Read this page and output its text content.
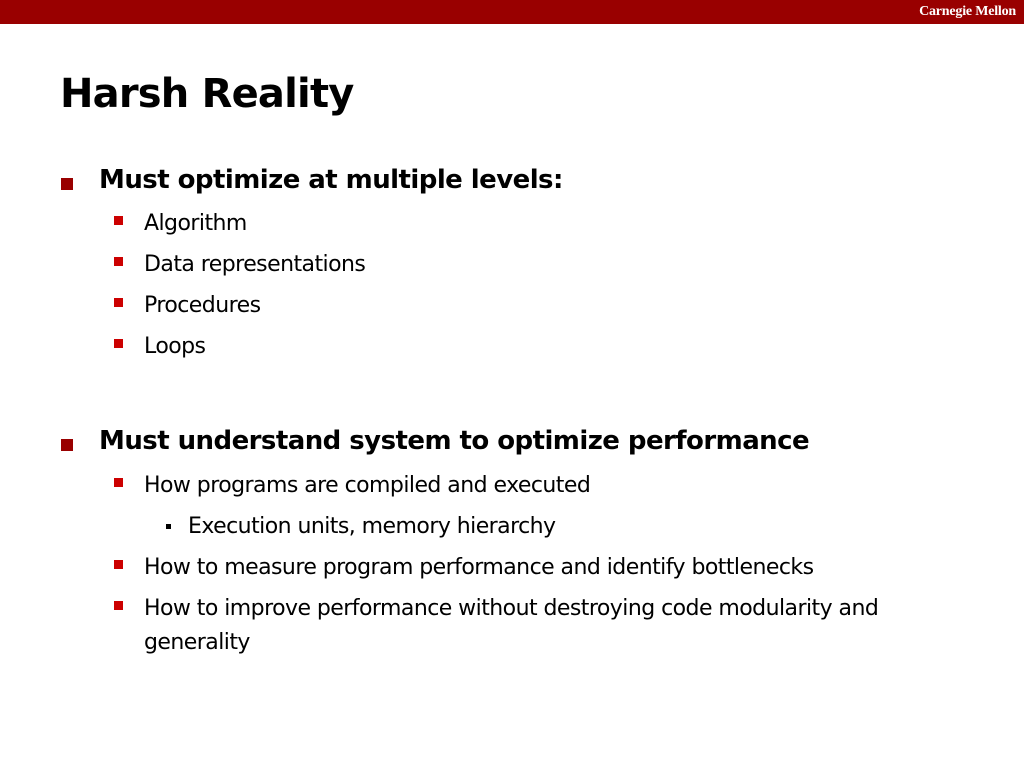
Carnegie Mellon
Harsh Reality
Must optimize at multiple levels:
Algorithm
Data representations
Procedures
Loops
Must understand system to optimize performance
How programs are compiled and executed
Execution units, memory hierarchy
How to measure program performance and identify bottlenecks
How to improve performance without destroying code modularity and generality
